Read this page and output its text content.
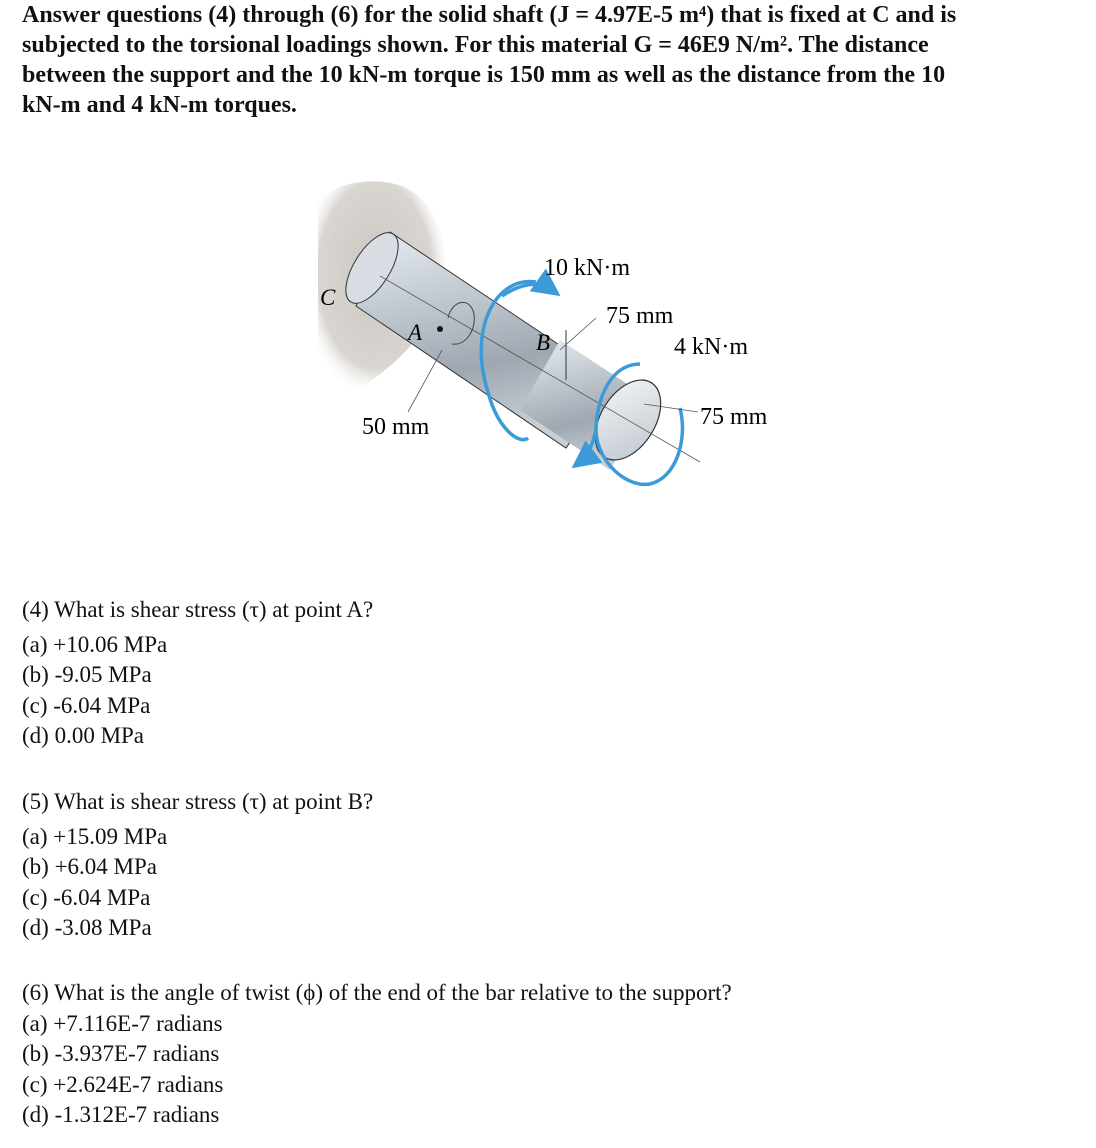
Answer questions (4) through (6) for the solid shaft (J = 4.97E-5 m⁴) that is fixed at C and is

subjected to the torsional loadings shown. For this material G = 46E9 N/m². The distance

between the support and the 10 kN-m torque is 150 mm as well as the distance from the 10

kN-m and 4 kN-m torques.

C
A	B
10 kN·m
75 mm
4 kN·m
75 mm
50 mm

(4) What is shear stress (τ) at point A?

(a) +10.06 MPa

(b) -9.05 MPa

(c) -6.04 MPa

(d) 0.00 MPa

(5) What is shear stress (τ) at point B?

(a) +15.09 MPa

(b) +6.04 MPa

(c) -6.04 MPa

(d) -3.08 MPa

(6) What is the angle of twist (ϕ) of the end of the bar relative to the support?

(a) +7.116E-7 radians

(b) -3.937E-7 radians

(c) +2.624E-7 radians

(d) -1.312E-7 radians
